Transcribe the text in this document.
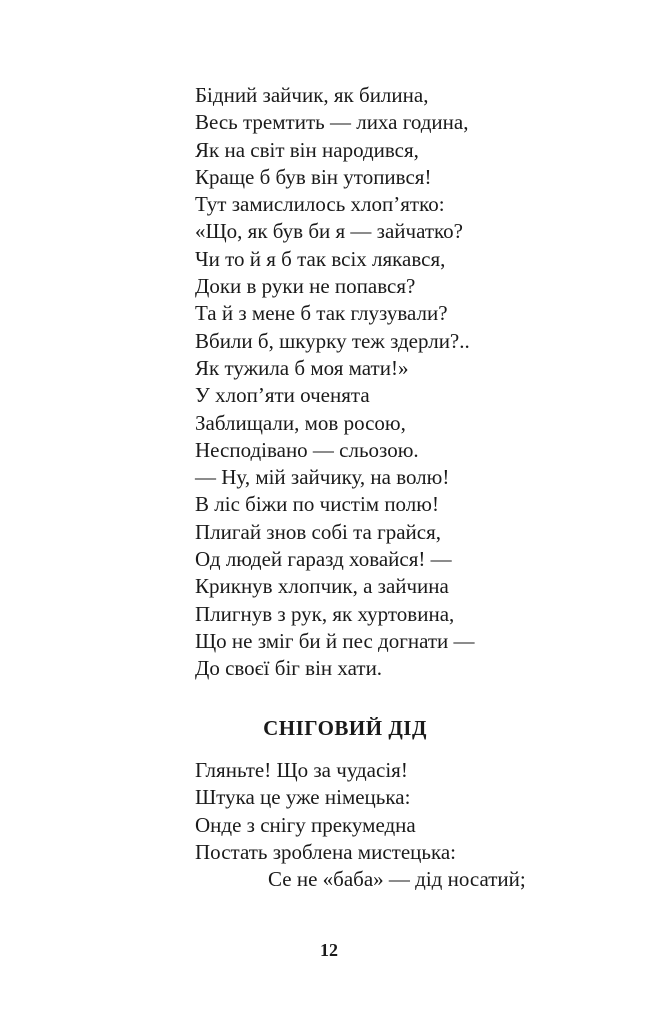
Бідний зайчик, як билина,
Весь тремтить — лиха година,
Як на світ він народився,
Краще б був він утопився!
Тут замислилось хлоп’ятко:
«Що, як був би я — зайчатко?
Чи то й я б так всіх лякався,
Доки в руки не попався?
Та й з мене б так глузували?
Вбили б, шкурку теж здерли?..
Як тужила б моя мати!»
У хлоп’яти оченята
Заблищали, мов росою,
Несподівано — сльозою.
— Ну, мій зайчику, на волю!
В ліс біжи по чистім полю!
Плигай знов собі та грайся,
Од людей гаразд ховайся! —
Крикнув хлопчик, а зайчина
Плигнув з рук, як хуртовина,
Що не зміг би й пес догнати —
До своєї біг він хати.
СНІГОВИЙ ДІД
Гляньте! Що за чудасія!
Штука це уже німецька:
Онде з снігу прекумедна
Постать зроблена мистецька:
Се не «баба» — дід носатий;
12
